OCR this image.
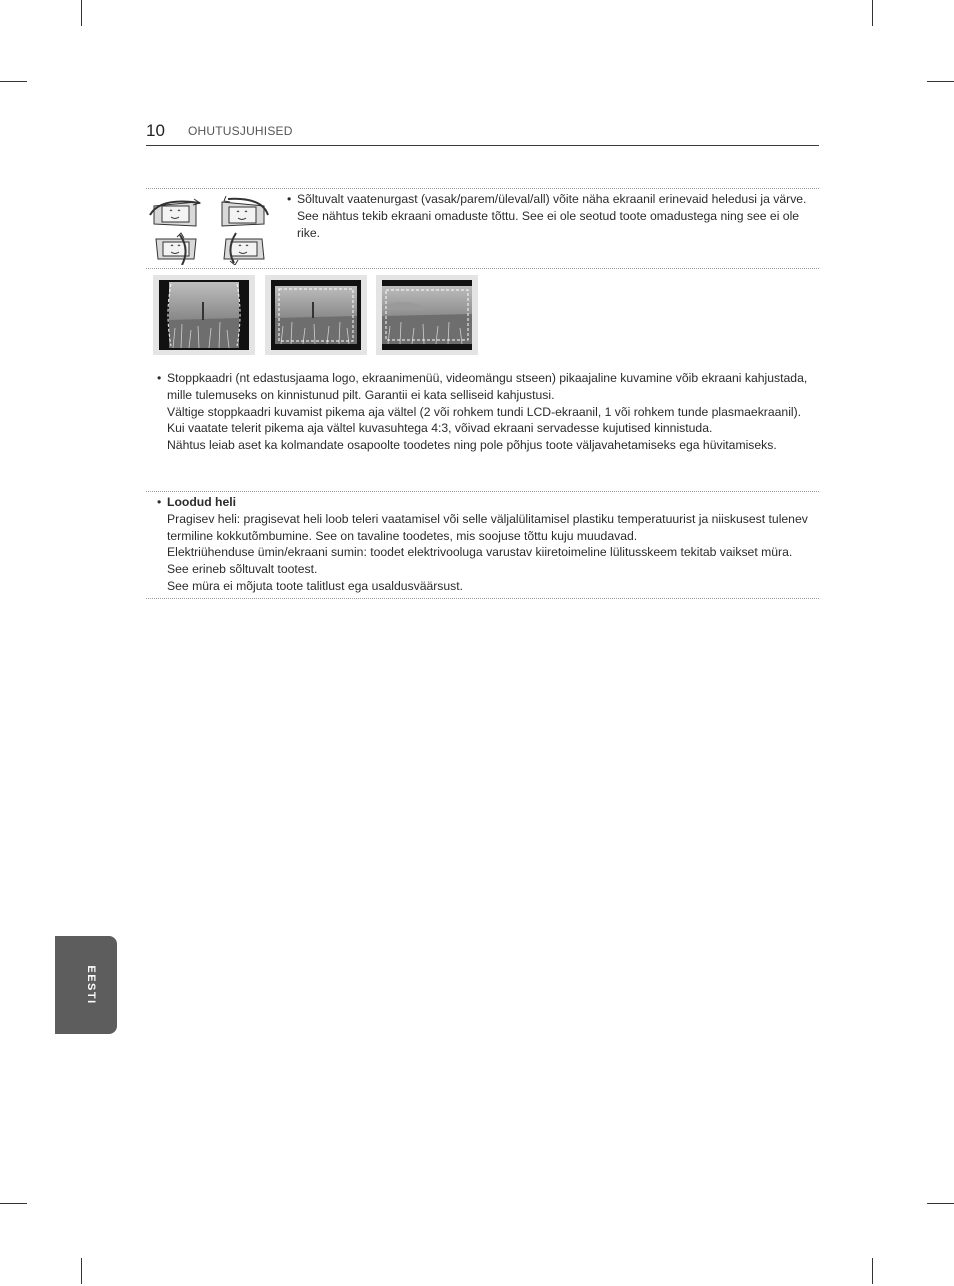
10 OHUTUSJUHISED
• Sõltuvalt vaatenurgast (vasak/parem/üleval/all) võite näha ekraanil erinevaid heledusi ja värve.

See nähtus tekib ekraani omaduste tõttu. See ei ole seotud toote omadustega ning see ei ole rike.

• Stoppkaadri (nt edastusjaama logo, ekraanimenüü, videomängu stseen) pikaajaline kuvamine võib ekraani kahjustada, mille tulemuseks on kinnistunud pilt. Garantii ei kata selliseid kahjustusi.

Vältige stoppkaadri kuvamist pikema aja vältel (2 või rohkem tundi LCD-ekraanil, 1 või rohkem tunde plasmaekraanil).

Kui vaatate telerit pikema aja vältel kuvasuhtega 4:3, võivad ekraani servadesse kujutised kinnistuda.

Nähtus leiab aset ka kolmandate osapoolte toodetes ning pole põhjus toote väljavahetamiseks ega hüvitamiseks.

• Loodud heli

Pragisev heli: pragisevat heli loob teleri vaatamisel või selle väljalülitamisel plastiku temperatuurist ja niiskusest tulenev termiline kokkutõmbumine. See on tavaline toodetes, mis soojuse tõttu kuju muudavad.

Elektriühenduse ümin/ekraani sumin: toodet elektrivooluga varustav kiiretoimeline lülitusskeem tekitab vaikset müra. See erineb sõltuvalt tootest.

See müra ei mõjuta toote talitlust ega usaldusväärsust.

EESTI
